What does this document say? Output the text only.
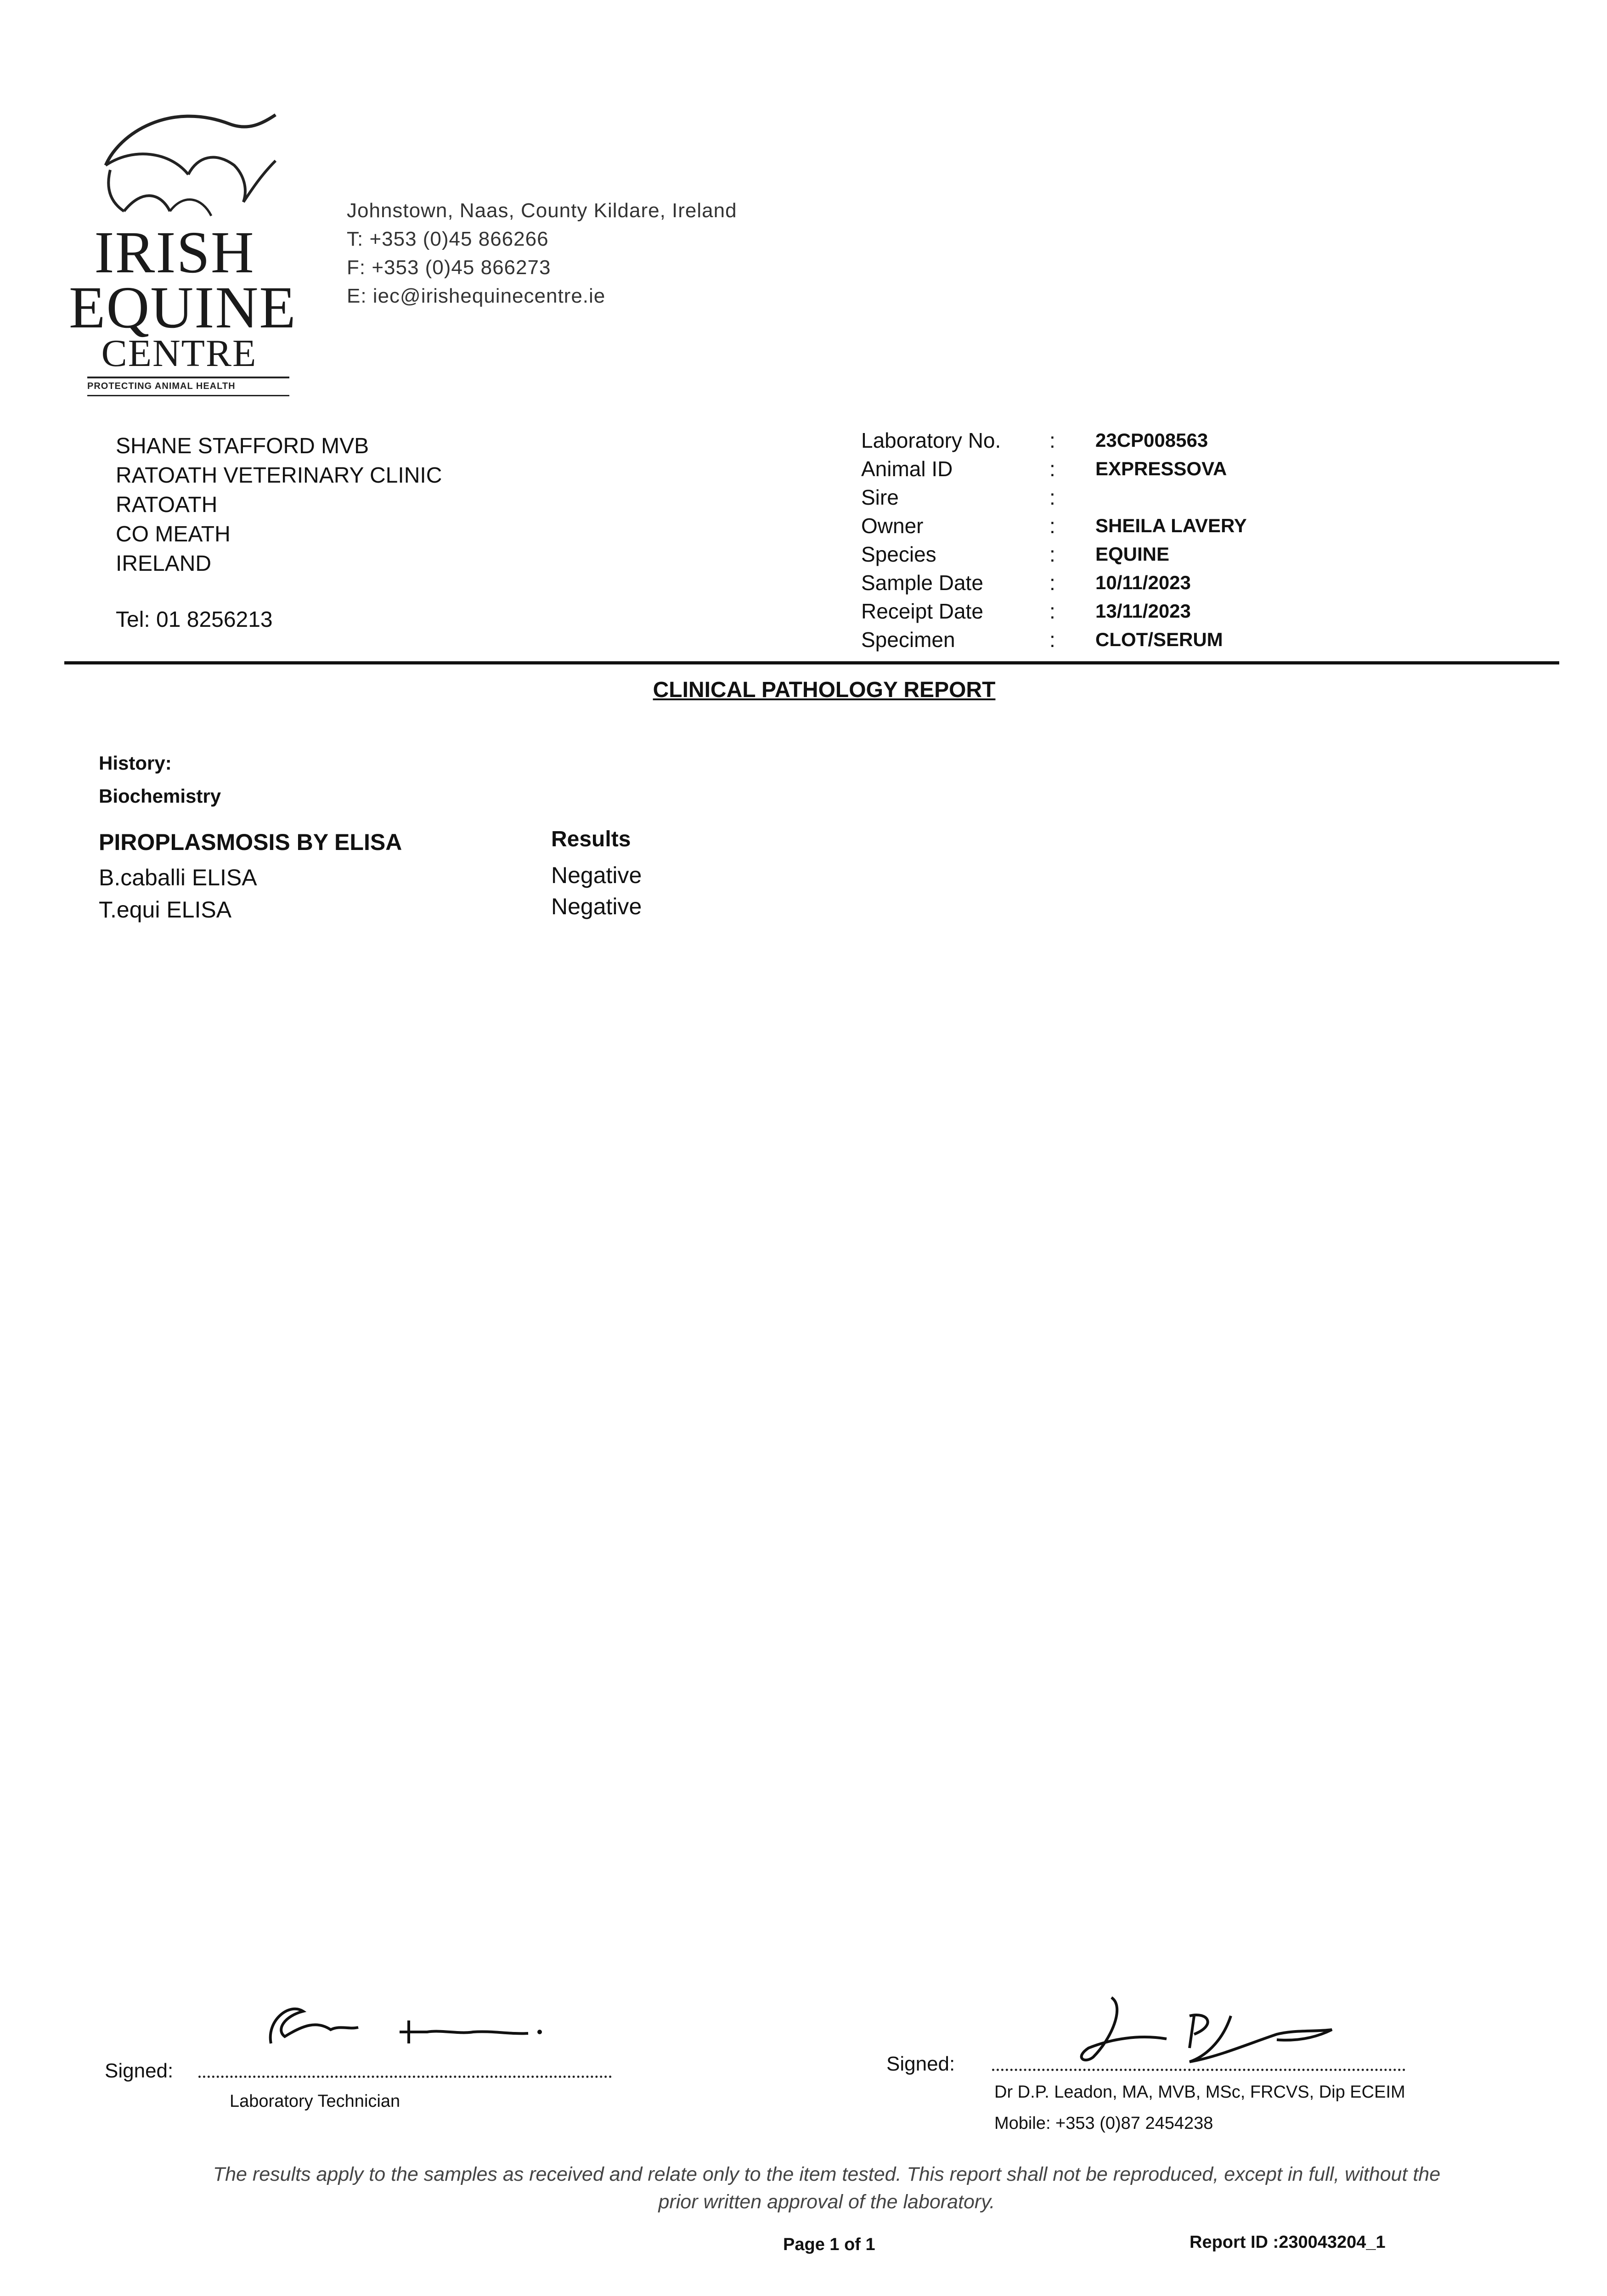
IRISH
EQUINE
CENTRE
PROTECTING ANIMAL HEALTH
Johnstown, Naas, County Kildare, Ireland
T: +353 (0)45 866266
F: +353 (0)45 866273
E: iec@irishequinecentre.ie
SHANE STAFFORD MVB
RATOATH VETERINARY CLINIC
RATOATH
CO MEATH
IRELAND
Tel: 01 8256213
Laboratory No.	:	23CP008563
Animal ID	:	EXPRESSOVA
Sire	:	
Owner	:	SHEILA LAVERY
Species	:	EQUINE
Sample Date	:	10/11/2023
Receipt Date	:	13/11/2023
Specimen	:	CLOT/SERUM
CLINICAL PATHOLOGY REPORT
History:
Biochemistry
PIROPLASMOSIS BY ELISA	Results
B.caballi ELISA	Negative
T.equi ELISA	Negative
Signed:
Laboratory Technician
Signed:
Dr D.P. Leadon, MA, MVB, MSc, FRCVS, Dip ECEIM
Mobile: +353 (0)87 2454238
The results apply to the samples as received and relate only to the item tested. This report shall not be reproduced, except in full, without the
prior written approval of the laboratory.
Page 1 of 1	Report ID :230043204_1
